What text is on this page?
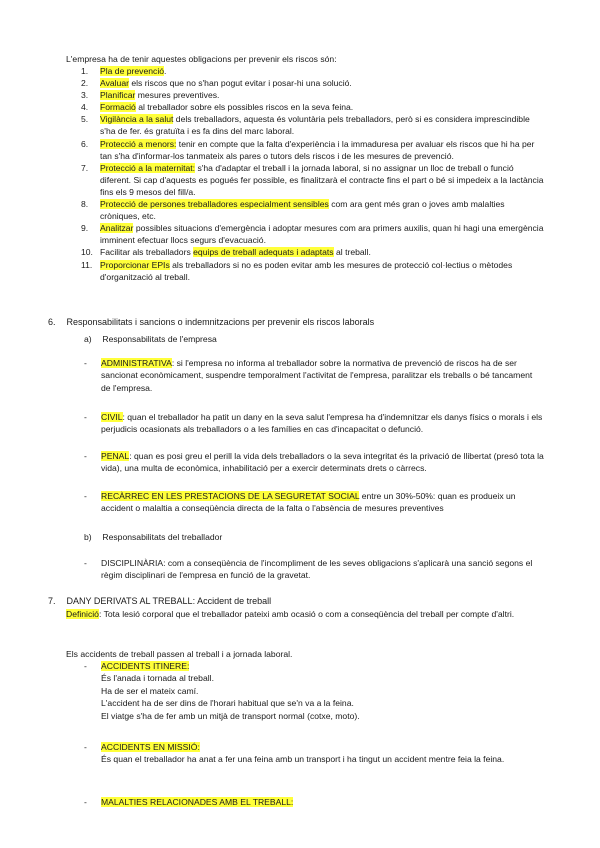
L'empresa ha de tenir aquestes obligacions per prevenir els riscos són:

1.	Pla de prevenció.
2.	Avaluar els riscos que no s'han pogut evitar i posar-hi una solució.
3.	Planificar mesures preventives.
4.	Formació al treballador sobre els possibles riscos en la seva feina.
5.	Vigilància a la salut dels treballadors, aquesta és voluntària pels treballadors, però si es considera imprescindible s'ha de fer. és gratuïta i es fa dins del marc laboral.
6.	Protecció a menors: tenir en compte que la falta d'experiència i la immaduresa per avaluar els riscos que hi ha per tan s'ha d'informar-los tanmateix als pares o tutors dels riscos i de les mesures de prevenció.
7.	Protecció a la maternitat: s'ha d'adaptar el treball i la jornada laboral, si no assignar un lloc de treball o funció diferent. Si cap d'aquests es pogués fer possible, es finalitzarà el contracte fins el part o bé si impedeix a la lactància fins els 9 mesos del fill/a.
8.	Protecció de persones treballadores especialment sensibles com ara gent més gran o joves amb malalties cròniques, etc.
9.	Analitzar possibles situacions d'emergència i adoptar mesures com ara primers auxilis, quan hi hagi una emergència imminent efectuar llocs segurs d'evacuació.
10. Facilitar als treballadors equips de treball adequats i adaptats al treball.
11. Proporcionar EPIs als treballadors si no es poden evitar amb les mesures de protecció col·lectius o mètodes d'organització al treball.
6. Responsabilitats i sancions o indemnitzacions per prevenir els riscos laborals
a) Responsabilitats de l'empresa
- ADMINISTRATIVA: si l'empresa no informa al treballador sobre la normativa de prevenció de riscos ha de ser sancionat econòmicament, suspendre temporalment l'activitat de l'empresa, paralitzar els treballs o bé tancament de l'empresa.
- CIVIL: quan el treballador ha patit un dany en la seva salut l'empresa ha d'indemnitzar els danys físics o morals i els perjudicis ocasionats als treballadors o a les famílies en cas d'incapacitat o defunció.
- PENAL: quan es posi greu el perill la vida dels treballadors o la seva integritat és la privació de llibertat (presó tota la vida), una multa de econòmica, inhabilitació per a exercir determinats drets o càrrecs.
- RECÀRREC EN LES PRESTACIONS DE LA SEGURETAT SOCIAL entre un 30%-50%: quan es produeix un accident o malaltia a conseqüència directa de la falta o l'absència de mesures preventives
b) Responsabilitats del treballador
- DISCIPLINÀRIA: com a conseqüència de l'incompliment de les seves obligacions s'aplicarà una sanció segons el règim disciplinari de l'empresa en funció de la gravetat.
7. DANY DERIVATS AL TREBALL: Accident de treball
Definició: Tota lesió corporal que el treballador pateixi amb ocasió o com a conseqüència del treball per compte d'altri.

Els accidents de treball passen al treball i a jornada laboral.

- ACCIDENTS ITINERE:
És l'anada i tornada al treball.
Ha de ser el mateix camí.
L'accident ha de ser dins de l'horari habitual que se'n va a la feina.
El viatge s'ha de fer amb un mitjà de transport normal (cotxe, moto).
- ACCIDENTS EN MISSIÓ:
És quan el treballador ha anat a fer una feina amb un transport i ha tingut un accident mentre feia la feina.
- MALALTIES RELACIONADES AMB EL TREBALL:
